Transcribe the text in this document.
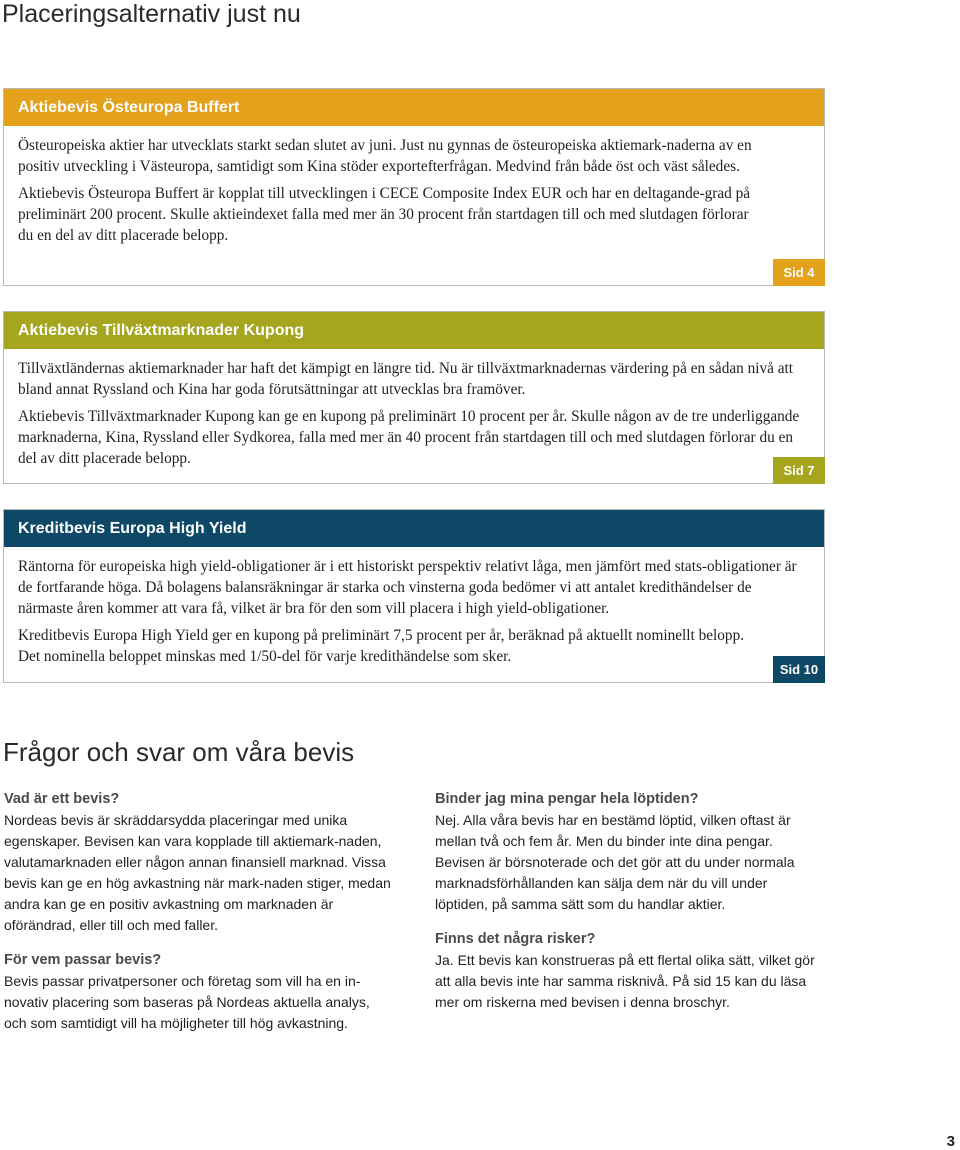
Placeringsalternativ just nu
Aktiebevis Östeuropa Buffert

Östeuropeiska aktier har utvecklats starkt sedan slutet av juni. Just nu gynnas de östeuropeiska aktiemark-naderna av en positiv utveckling i Västeuropa, samtidigt som Kina stöder exportefterfrågan. Medvind från både öst och väst således.

Aktiebevis Östeuropa Buffert är kopplat till utvecklingen i CECE Composite Index EUR och har en deltagande-grad på preliminärt 200 procent. Skulle aktieindexet falla med mer än 30 procent från startdagen till och med slutdagen förlorar du en del av ditt placerade belopp.

Sid 4
Aktiebevis Tillväxtmarknader Kupong

Tillväxtländernas aktiemarknader har haft det kämpigt en längre tid. Nu är tillväxtmarknadernas värdering på en sådan nivå att bland annat Ryssland och Kina har goda förutsättningar att utvecklas bra framöver.

Aktiebevis Tillväxtmarknader Kupong kan ge en kupong på preliminärt 10 procent per år. Skulle någon av de tre underliggande marknaderna, Kina, Ryssland eller Sydkorea, falla med mer än 40 procent från startdagen till och med slutdagen förlorar du en del av ditt placerade belopp.

Sid 7
Kreditbevis Europa High Yield

Räntorna för europeiska high yield-obligationer är i ett historiskt perspektiv relativt låga, men jämfört med stats-obligationer är de fortfarande höga. Då bolagens balansräkningar är starka och vinsterna goda bedömer vi att antalet kredithändelser de närmaste åren kommer att vara få, vilket är bra för den som vill placera i high yield-obligationer.

Kreditbevis Europa High Yield ger en kupong på preliminärt 7,5 procent per år, beräknad på aktuellt nominellt belopp. Det nominella beloppet minskas med 1/50-del för varje kredithändelse som sker.

Sid 10
Frågor och svar om våra bevis
Vad är ett bevis?

Nordeas bevis är skräddarsydda placeringar med unika egenskaper. Bevisen kan vara kopplade till aktiemark-naden, valutamarknaden eller någon annan finansiell marknad. Vissa bevis kan ge en hög avkastning när mark-naden stiger, medan andra kan ge en positiv avkastning om marknaden är oförändrad, eller till och med faller.

För vem passar bevis?

Bevis passar privatpersoner och företag som vill ha en in-novativ placering som baseras på Nordeas aktuella analys, och som samtidigt vill ha möjligheter till hög avkastning.

Binder jag mina pengar hela löptiden?

Nej. Alla våra bevis har en bestämd löptid, vilken oftast är mellan två och fem år. Men du binder inte dina pengar. Bevisen är börsnoterade och det gör att du under normala marknadsförhållanden kan sälja dem när du vill under löptiden, på samma sätt som du handlar aktier.

Finns det några risker?

Ja. Ett bevis kan konstrueras på ett flertal olika sätt, vilket gör att alla bevis inte har samma risknivå. På sid 15 kan du läsa mer om riskerna med bevisen i denna broschyr.

3
